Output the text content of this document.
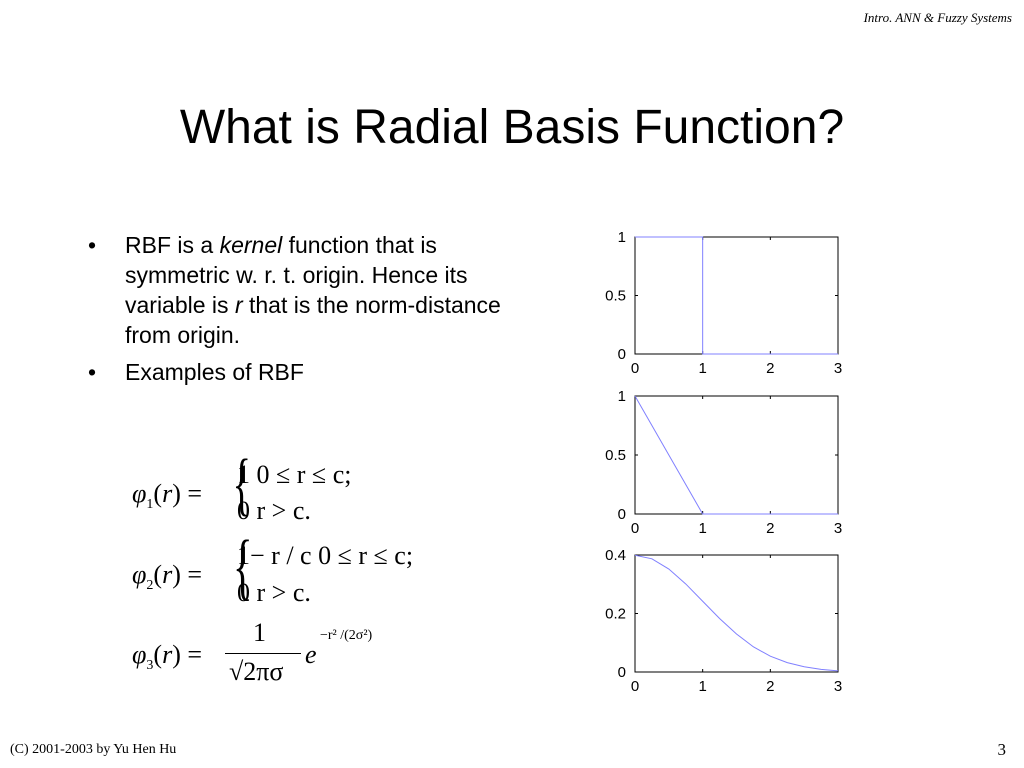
Intro. ANN & Fuzzy Systems
What is Radial Basis Function?
• RBF is a kernel function that is symmetric w. r. t. origin. Hence its variable is r that is the norm-distance from origin.
• Examples of RBF
$\varphi_1(r)$ = {
1 0 ≤ r ≤ c;
0 r > c.
$\varphi_2(r)$ = {
1− r / c 0 ≤ r ≤ c;
0 r > c.
$\varphi_3(r)$ =
1
√2πσ
e
−r² /(2σ²)
0	1	2	3
0
0.5
1
0	1	2	3
0
0.5
1
0	1	2	3
0
0.2
0.4
(C) 2001-2003 by Yu Hen Hu	3
